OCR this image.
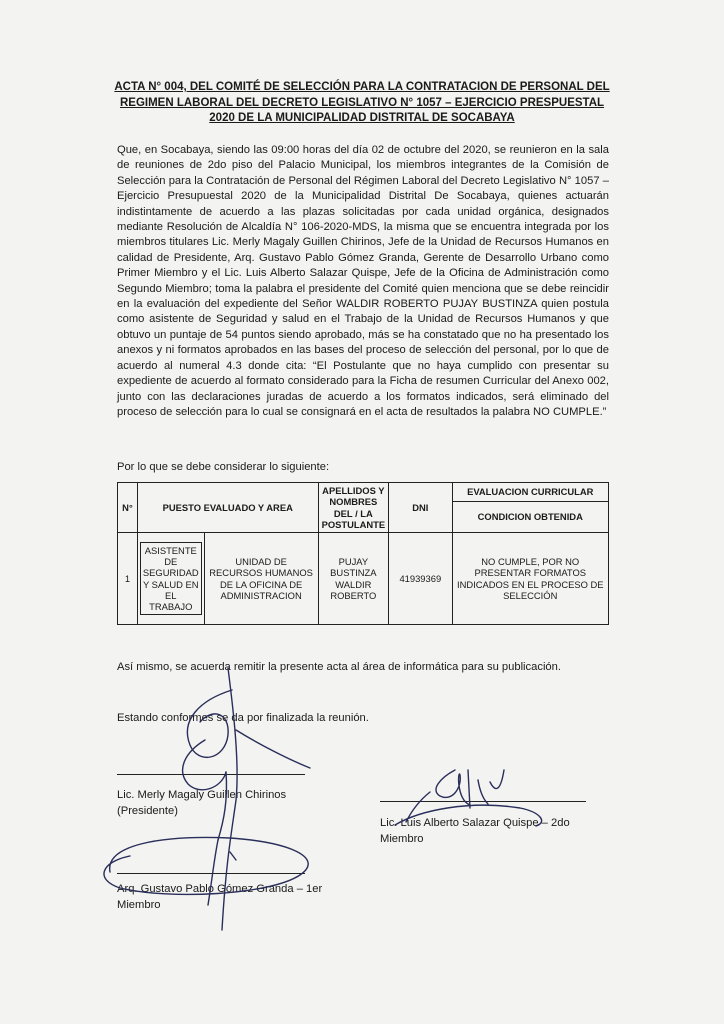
ACTA N° 004, DEL COMITÉ DE SELECCIÓN PARA LA CONTRATACION DE PERSONAL DEL REGIMEN LABORAL DEL DECRETO LEGISLATIVO N° 1057 – EJERCICIO PRESPUESTAL 2020 DE LA MUNICIPALIDAD DISTRITAL DE SOCABAYA

Que, en Socabaya, siendo las 09:00 horas del día 02 de octubre del 2020, se reunieron en la sala de reuniones de 2do piso del Palacio Municipal, los miembros integrantes de la Comisión de Selección para la Contratación de Personal del Régimen Laboral del Decreto Legislativo N° 1057 – Ejercicio Presupuestal 2020 de la Municipalidad Distrital De Socabaya, quienes actuarán indistintamente de acuerdo a las plazas solicitadas por cada unidad orgánica, designados mediante Resolución de Alcaldía N° 106-2020-MDS, la misma que se encuentra integrada por los miembros titulares Lic. Merly Magaly Guillen Chirinos, Jefe de la Unidad de Recursos Humanos en calidad de Presidente, Arq. Gustavo Pablo Gómez Granda, Gerente de Desarrollo Urbano como Primer Miembro y el Lic. Luis Alberto Salazar Quispe, Jefe de la Oficina de Administración como Segundo Miembro; toma la palabra el presidente del Comité quien menciona que se debe reincidir en la evaluación del expediente del Señor WALDIR ROBERTO PUJAY BUSTINZA quien postula como asistente de Seguridad y salud en el Trabajo de la Unidad de Recursos Humanos y que obtuvo un puntaje de 54 puntos siendo aprobado, más se ha constatado que no ha presentado los anexos y ni formatos aprobados en las bases del proceso de selección del personal, por lo que de acuerdo al numeral 4.3 donde cita: “El Postulante que no haya cumplido con presentar su expediente de acuerdo al formato considerado para la Ficha de resumen Curricular del Anexo 002, junto con las declaraciones juradas de acuerdo a los formatos indicados, será eliminado del proceso de selección para lo cual se consignará en el acta de resultados la palabra NO CUMPLE.”

Por lo que se debe considerar lo siguiente:

N°	PUESTO EVALUADO Y AREA		APELLIDOS Y NOMBRES DEL / LA POSTULANTE	DNI	EVALUACION CURRICULAR
					CONDICION OBTENIDA
1	ASISTENTE DE SEGURIDAD Y SALUD EN EL TRABAJO	UNIDAD DE RECURSOS HUMANOS DE LA OFICINA DE ADMINISTRACION	PUJAY BUSTINZA WALDIR ROBERTO	41939369	NO CUMPLE, POR NO PRESENTAR FORMATOS INDICADOS EN EL PROCESO DE SELECCIÓN

Así mismo, se acuerda remitir la presente acta al área de informática para su publicación.

Estando conformes se da por finalizada la reunión.

Lic. Merly Magaly Guillen Chirinos
(Presidente)
Lic. Luis Alberto Salazar Quispe – 2do
Miembro
Arq. Gustavo Pablo Gómez Granda – 1er
Miembro
